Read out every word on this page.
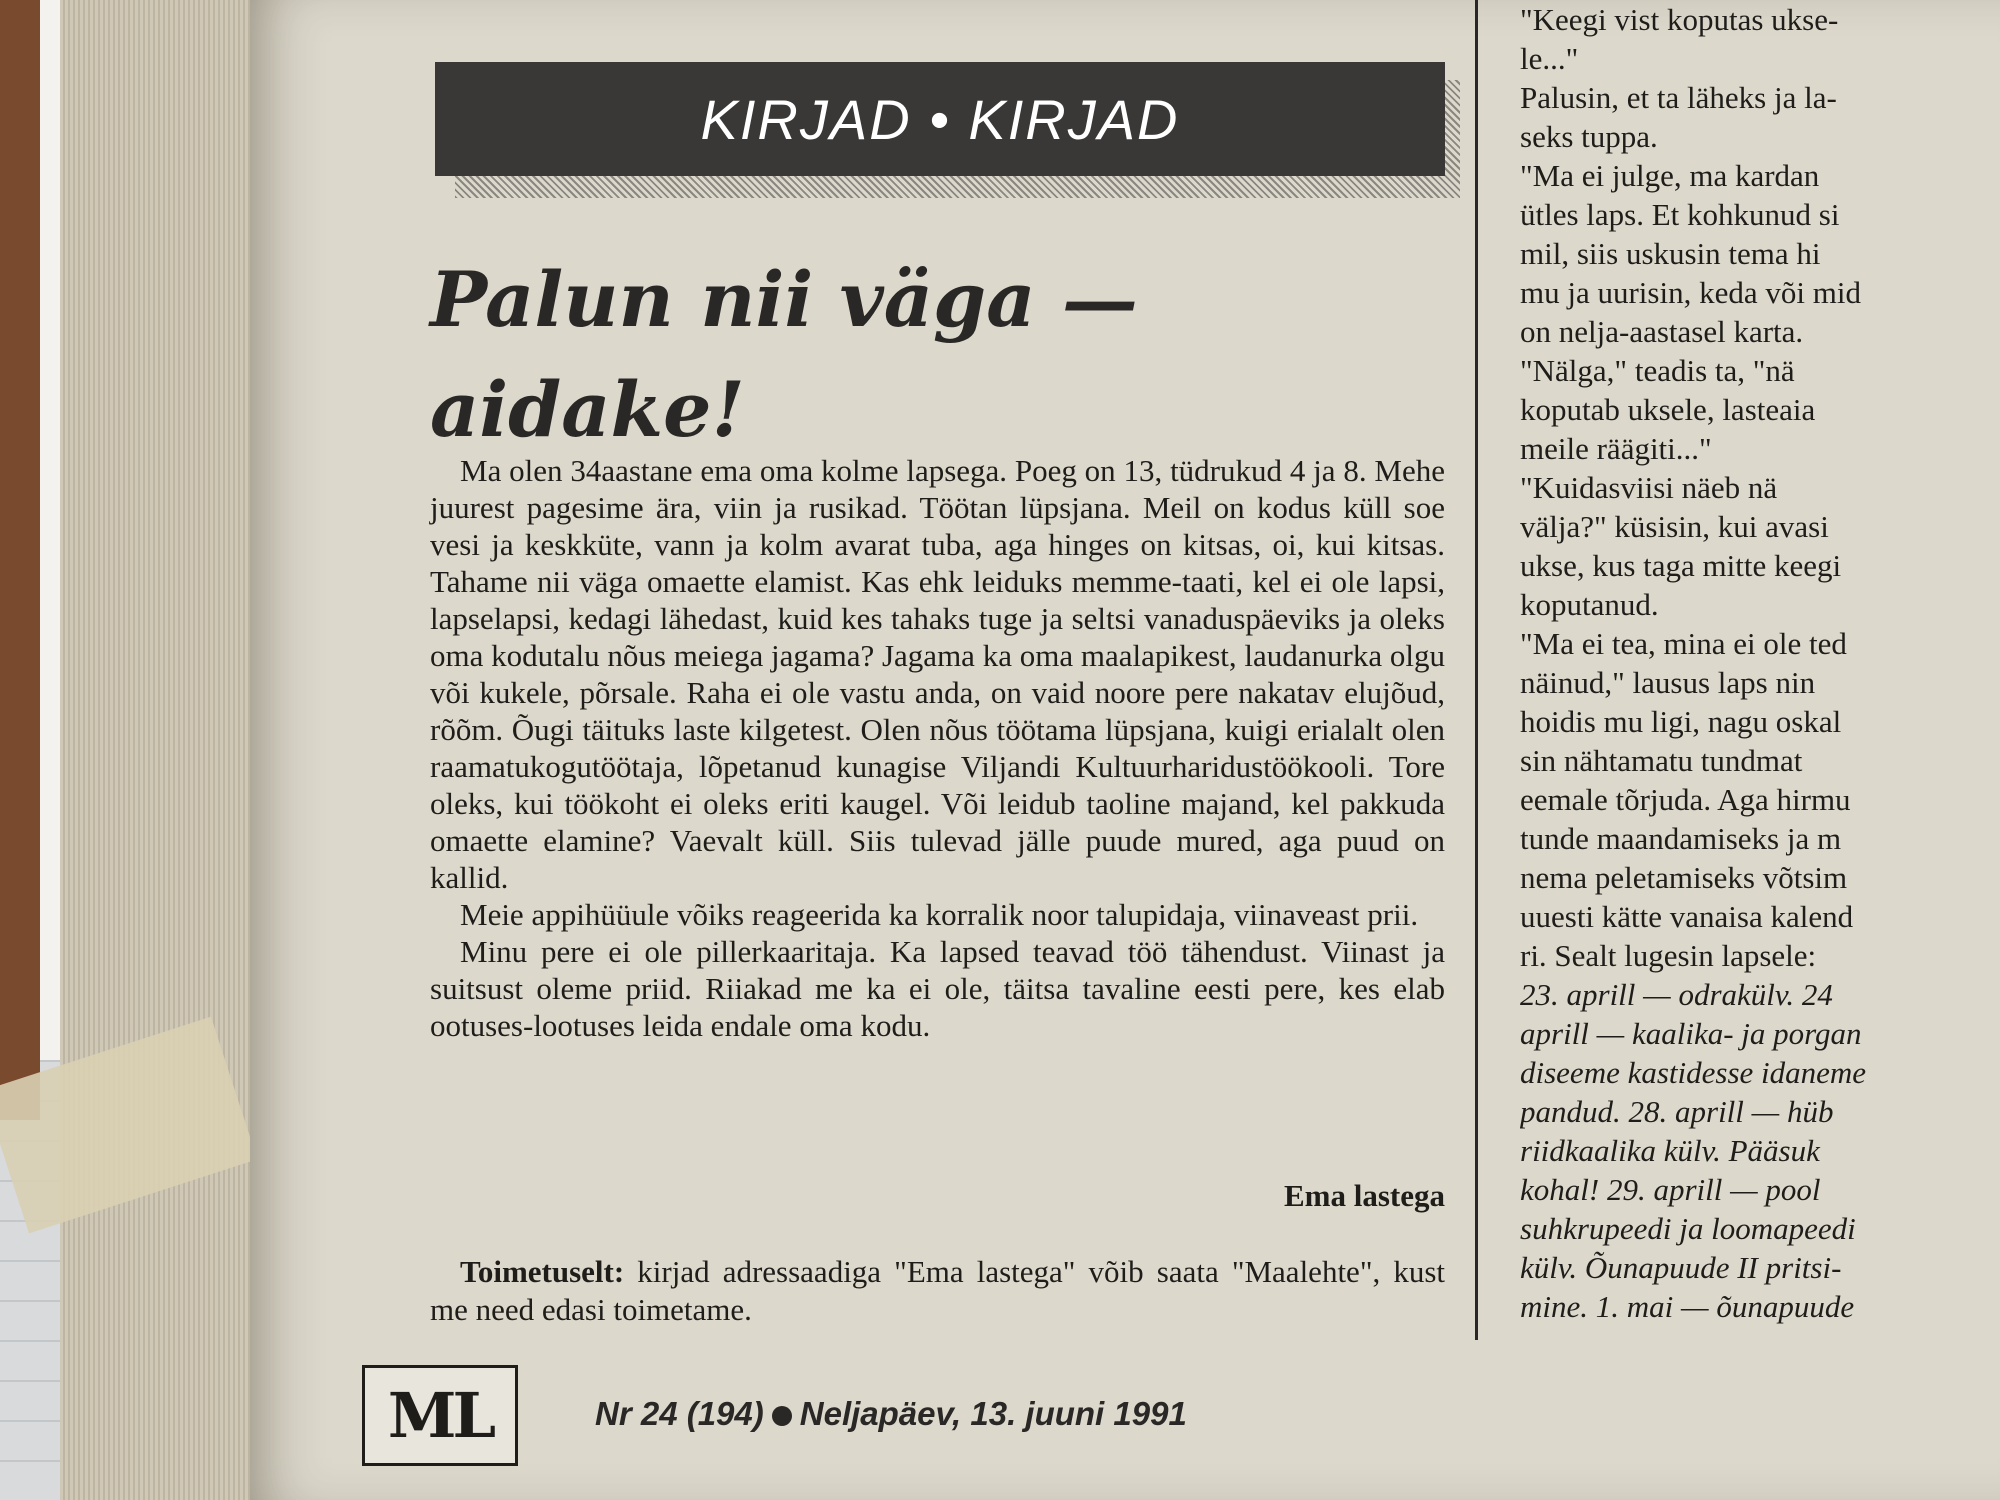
KIRJAD • KIRJAD
Palun nii väga —
aidake!

Ma olen 34aastane ema oma kolme lapsega. Poeg on 13, tüdrukud 4 ja 8. Mehe juurest pagesime ära, viin ja rusikad. Töötan lüpsjana. Meil on kodus küll soe vesi ja keskküte, vann ja kolm avarat tuba, aga hinges on kitsas, oi, kui kitsas. Tahame nii väga omaette elamist. Kas ehk leiduks memme-taati, kel ei ole lapsi, lapselapsi, kedagi lähedast, kuid kes tahaks tuge ja seltsi vanaduspäeviks ja oleks oma kodutalu nõus meiega jagama? Jagama ka oma maalapikest, laudanurka olgu või kukele, põrsale. Raha ei ole vastu anda, on vaid noore pere nakatav elujõud, rõõm. Õugi täituks laste kilgetest. Olen nõus töötama lüpsjana, kuigi erialalt olen raamatukogutöötaja, lõpetanud kunagise Viljandi Kultuurharidustöökooli. Tore oleks, kui töökoht ei oleks eriti kaugel. Või leidub taoline majand, kel pakkuda omaette elamine? Vaevalt küll. Siis tulevad jälle puude mured, aga puud on kallid.

Meie appihüüule võiks reageerida ka korralik noor talupidaja, viinaveast prii.

Minu pere ei ole pillerkaaritaja. Ka lapsed teavad töö tähendust. Viinast ja suitsust oleme priid. Riiakad me ka ei ole, täitsa tavaline eesti pere, kes elab ootuses-lootuses leida endale oma kodu.

Ema lastega
Toimetuselt: kirjad adressaadiga "Ema lastega" võib saata "Maalehte", kust me need edasi toimetame.
"Keegi vist koputas ukse-
le..."
Palusin, et ta läheks ja la-
seks tuppa.
"Ma ei julge, ma kardan
ütles laps. Et kohkunud si
mil, siis uskusin tema hi
mu ja uurisin, keda või mid
on nelja-aastasel karta.
"Nälga," teadis ta, "nä
koputab uksele, lasteaia
meile räägiti..."
"Kuidasviisi näeb nä
välja?" küsisin, kui avasi
ukse, kus taga mitte keegi
koputanud.
"Ma ei tea, mina ei ole ted
näinud," lausus laps nin
hoidis mu ligi, nagu oskal
sin nähtamatu tundmat
eemale tõrjuda. Aga hirmu
tunde maandamiseks ja m
nema peletamiseks võtsim
uuesti kätte vanaisa kalend
ri. Sealt lugesin lapsele:
23. aprill — odrakülv. 24
aprill — kaalika- ja porgan
diseeme kastidesse idaneme
pandud. 28. aprill — hüb
riidkaalika külv. Pääsuk
kohal! 29. aprill — pool
suhkrupeedi ja loomapeedi
külv. Õunapuude II pritsi-
mine. 1. mai — õunapuude
ML	Nr 24 (194) Neljapäev, 13. juuni 1991
